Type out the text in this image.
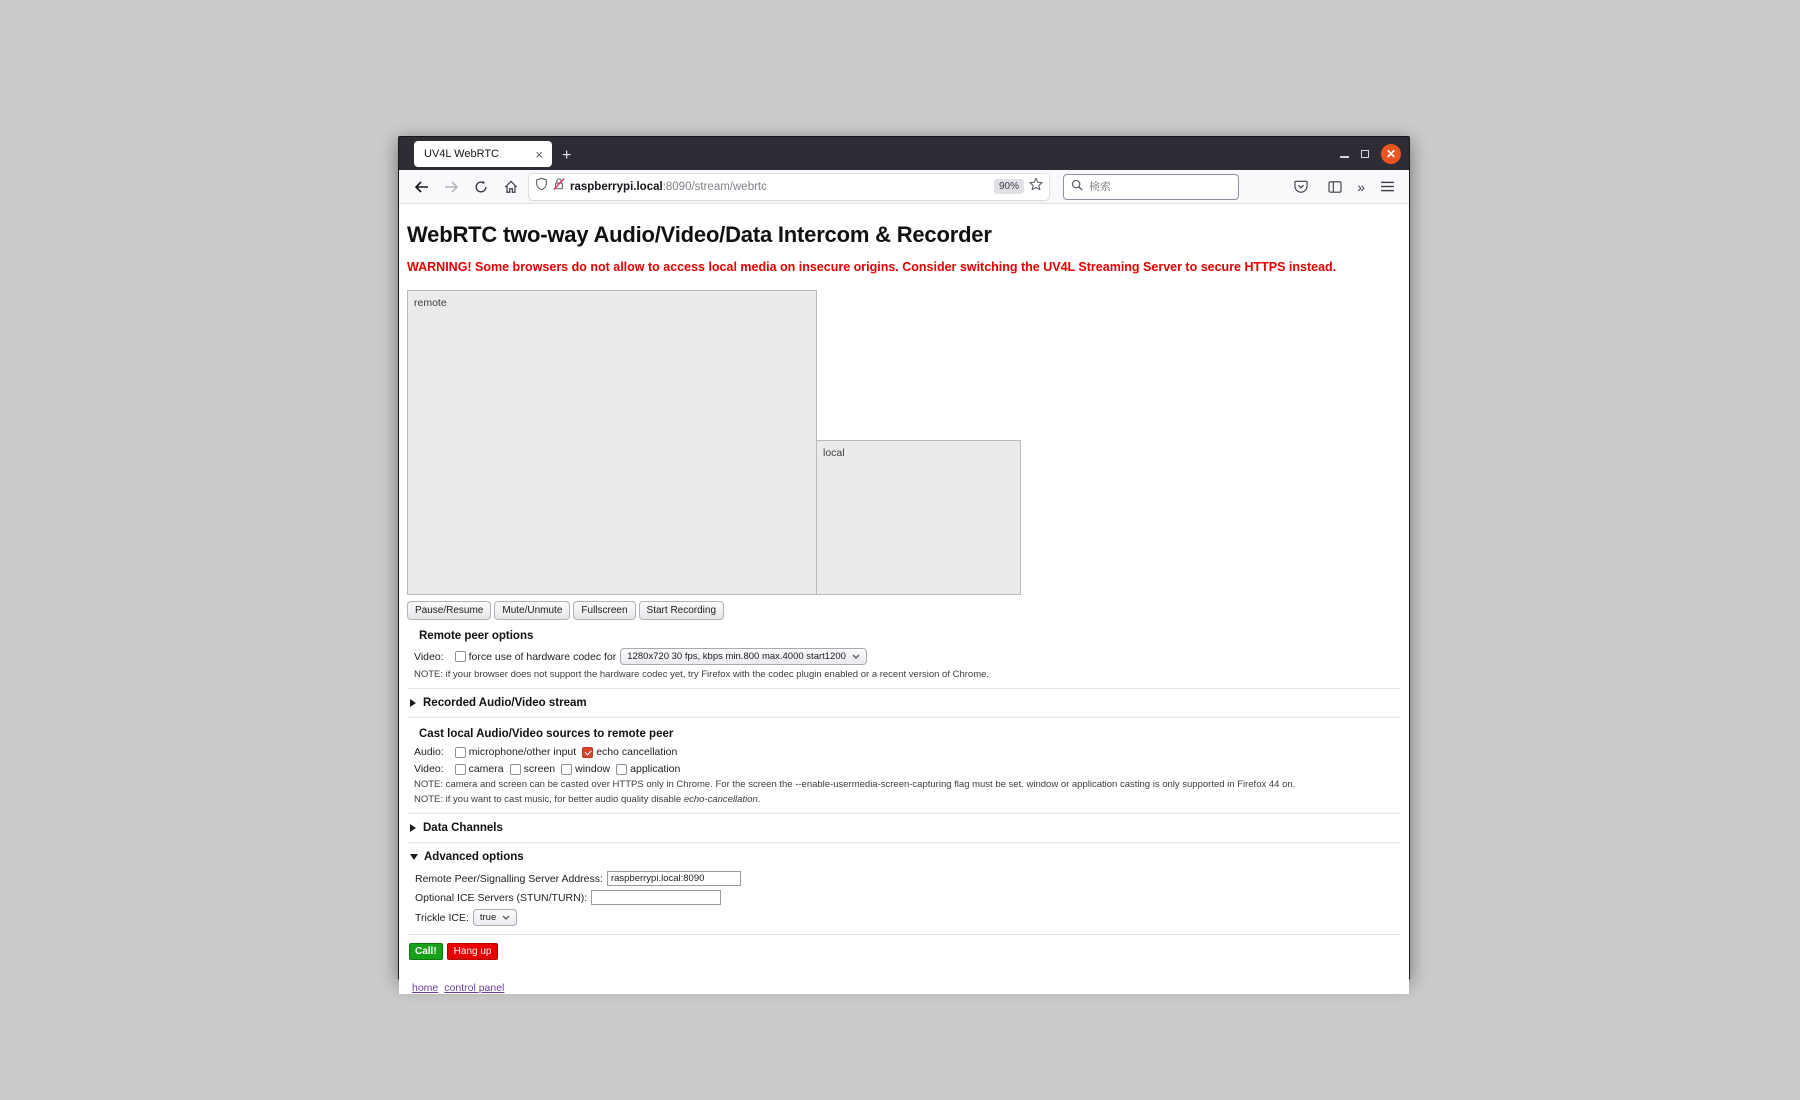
UV4L WebRTC	× +	✕
raspberrypi.local:8090/stream/webrtc	90%
検索	»
WebRTC two-way Audio/Video/Data Intercom & Recorder
WARNING! Some browsers do not allow to access local media on insecure origins. Consider switching the UV4L Streaming Server to secure HTTPS instead.
remote
local
Pause/Resume	Mute/Unmute	Fullscreen	Start Recording
Remote peer options
Video: force use of hardware codec for 1280x720 30 fps, kbps min.800 max.4000 start1200
NOTE: if your browser does not support the hardware codec yet, try Firefox with the codec plugin enabled or a recent version of Chrome.
Recorded Audio/Video stream
Cast local Audio/Video sources to remote peer
Audio: microphone/other input echo cancellation
Video: camera screen window application
NOTE: camera and screen can be casted over HTTPS only in Chrome. For the screen the --enable-usermedia-screen-capturing flag must be set. window or application casting is only supported in Firefox 44 on.
NOTE: if you want to cast music, for better audio quality disable echo-cancellation.
Data Channels
Advanced options
Remote Peer/Signalling Server Address:
raspberrypi.local:8090
Optional ICE Servers (STUN/TURN):
Trickle ICE: true
Call!	Hang up
home control panel
